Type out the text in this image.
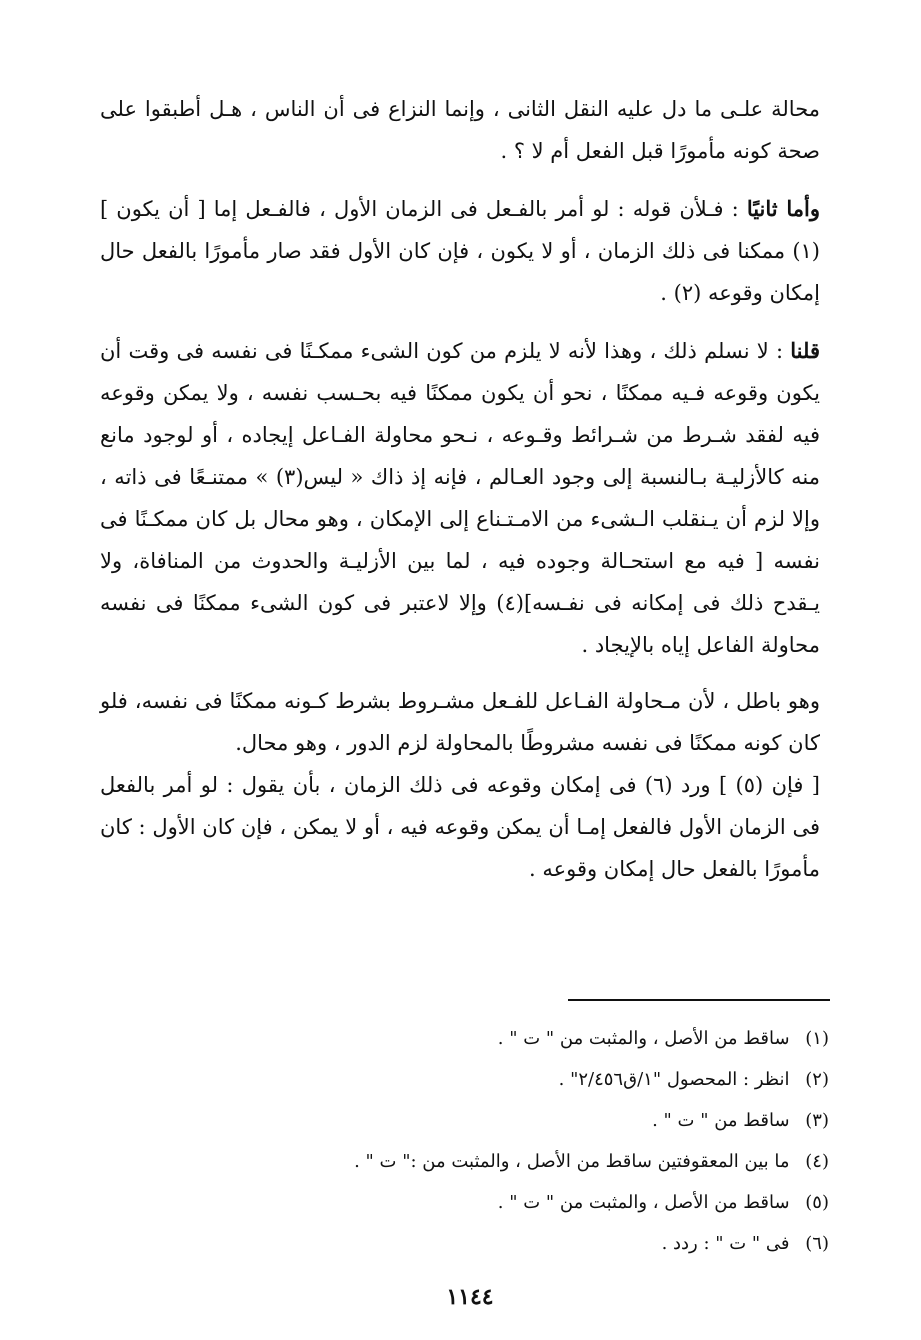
محالة علـى ما دل عليه النقل الثانى ، وإنما النزاع فى أن الناس ، هـل أطبقوا على صحة كونه مأمورًا قبل الفعل أم لا ؟ .

وأما ثانيًا : فـلأن قوله : لو أمر بالفـعل فى الزمان الأول ، فالفـعل إما [ أن يكون ](١) ممكنا فى ذلك الزمان ، أو لا يكون ، فإن كان الأول فقد صار مأمورًا بالفعل حال إمكان وقوعه (٢) .

قلنا : لا نسلم ذلك ، وهذا لأنه لا يلزم من كون الشىء ممكـنًا فى نفسه فى وقت أن يكون وقوعه فـيه ممكنًا ، نحو أن يكون ممكنًا فيه بحـسب نفسه ، ولا يمكن وقوعه فيه لفقد شـرط من شـرائط وقـوعه ، نـحو محاولة الفـاعل إيجاده ، أو لوجود مانع منه كالأزليـة بـالنسبة إلى وجود العـالم ، فإنه إذ ذاك « ليس(٣) » ممتنـعًا فى ذاته ، وإلا لزم أن يـنقلب الـشىء من الامـتـناع إلى الإمكان ، وهو محال بل كان ممكـنًا فى نفسه [ فيه مع استحـالة وجوده فيه ، لما بين الأزليـة والحدوث من المنافاة، ولا يـقدح ذلك فى إمكانه فى نفـسه](٤) وإلا لاعتبر فى كون الشىء ممكنًا فى نفسه محاولة الفاعل إياه بالإيجاد .

وهو باطل ، لأن مـحاولة الفـاعل للفـعل مشـروط بشرط كـونه ممكنًا فى نفسه، فلو كان كونه ممكنًا فى نفسه مشروطًا بالمحاولة لزم الدور ، وهو محال.

[ فإن (٥) ] ورد (٦) فى إمكان وقوعه فى ذلك الزمان ، بأن يقول : لو أمر بالفعل فى الزمان الأول فالفعل إمـا أن يمكن وقوعه فيه ، أو لا يمكن ، فإن كان الأول : كان مأمورًا بالفعل حال إمكان وقوعه .

(١) ساقط من الأصل ، والمثبت من " ت " .
(٢) انظر : المحصول "١/ق٢/٤٥٦" .
(٣) ساقط من " ت " .
(٤) ما بين المعقوفتين ساقط من الأصل ، والمثبت من :" ت " .
(٥) ساقط من الأصل ، والمثبت من " ت " .
(٦) فى " ت " : ردد .
١١٤٤
